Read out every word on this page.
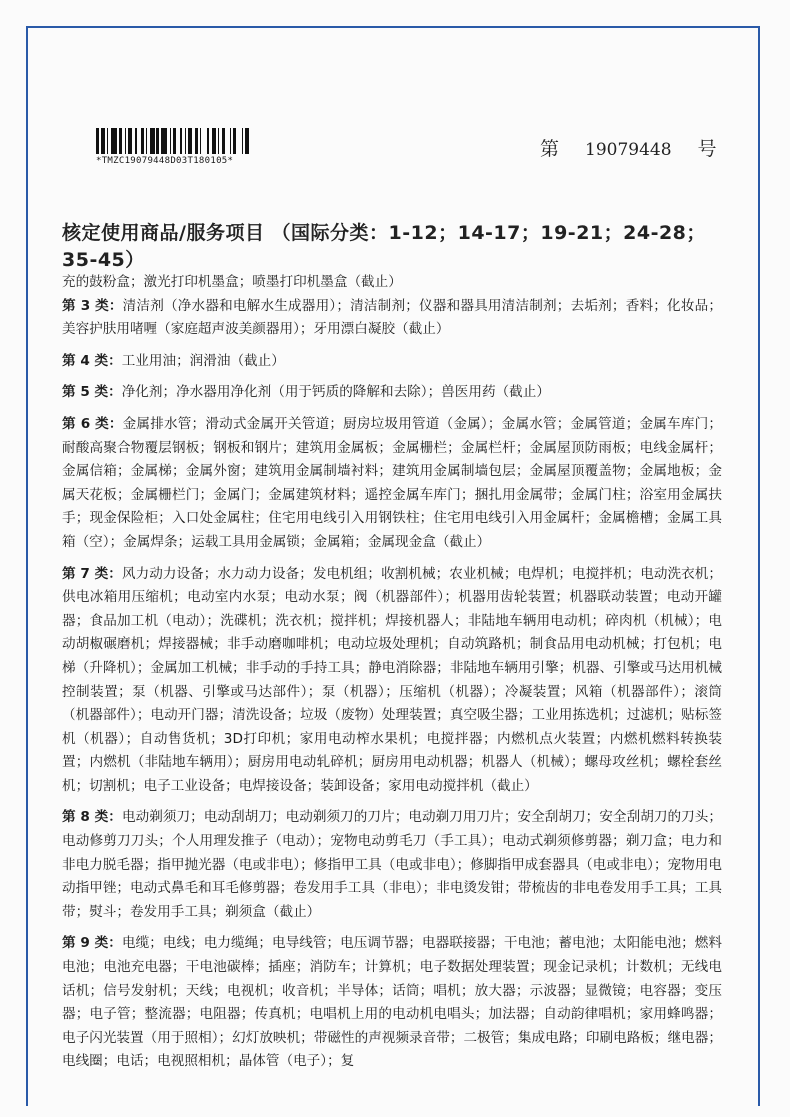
*TMZC19079448D03T180105*
第 19079448 号
核定使用商品/服务项目 （国际分类：1-12；14-17；19-21；24-28；35-45）

充的鼓粉盒；激光打印机墨盒；喷墨打印机墨盒（截止）

第 3 类：清洁剂（净水器和电解水生成器用）；清洁制剂；仪器和器具用清洁制剂；去垢剂；香料；化妆品；美容护肤用啫喱（家庭超声波美颜器用）；牙用漂白凝胶（截止）

第 4 类：工业用油；润滑油（截止）

第 5 类：净化剂；净水器用净化剂（用于钙质的降解和去除）；兽医用药（截止）

第 6 类：金属排水管；滑动式金属开关管道；厨房垃圾用管道（金属）；金属水管；金属管道；金属车库门；耐酸高聚合物覆层钢板；钢板和钢片；建筑用金属板；金属栅栏；金属栏杆；金属屋顶防雨板；电线金属杆；金属信箱；金属梯；金属外窗；建筑用金属制墙衬料；建筑用金属制墙包层；金属屋顶覆盖物；金属地板；金属天花板；金属栅栏门；金属门；金属建筑材料；遥控金属车库门；捆扎用金属带；金属门柱；浴室用金属扶手；现金保险柜；入口处金属柱；住宅用电线引入用钢铁柱；住宅用电线引入用金属杆；金属檐槽；金属工具箱（空）；金属焊条；运载工具用金属锁；金属箱；金属现金盒（截止）

第 7 类：风力动力设备；水力动力设备；发电机组；收割机械；农业机械；电焊机；电搅拌机；电动洗衣机；供电冰箱用压缩机；电动室内水泵；电动水泵；阀（机器部件）；机器用齿轮装置；机器联动装置；电动开罐器；食品加工机（电动）；洗碟机；洗衣机；搅拌机；焊接机器人；非陆地车辆用电动机；碎肉机（机械）；电动胡椒碾磨机；焊接器械；非手动磨咖啡机；电动垃圾处理机；自动筑路机；制食品用电动机械；打包机；电梯（升降机）；金属加工机械；非手动的手持工具；静电消除器；非陆地车辆用引擎；机器、引擎或马达用机械控制装置；泵（机器、引擎或马达部件）；泵（机器）；压缩机（机器）；冷凝装置；风箱（机器部件）；滚筒（机器部件）；电动开门器；清洗设备；垃圾（废物）处理装置；真空吸尘器；工业用拣选机；过滤机；贴标签机（机器）；自动售货机；3D打印机；家用电动榨水果机；电搅拌器；内燃机点火装置；内燃机燃料转换装置；内燃机（非陆地车辆用）；厨房用电动轧碎机；厨房用电动机器；机器人（机械）；螺母攻丝机；螺栓套丝机；切割机；电子工业设备；电焊接设备；装卸设备；家用电动搅拌机（截止）

第 8 类：电动剃须刀；电动刮胡刀；电动剃须刀的刀片；电动剃刀用刀片；安全刮胡刀；安全刮胡刀的刀头；电动修剪刀刀头；个人用理发推子（电动）；宠物电动剪毛刀（手工具）；电动式剃须修剪器；剃刀盒；电力和非电力脱毛器；指甲抛光器（电或非电）；修指甲工具（电或非电）；修脚指甲成套器具（电或非电）；宠物用电动指甲锉；电动式鼻毛和耳毛修剪器；卷发用手工具（非电）；非电烫发钳；带梳齿的非电卷发用手工具；工具带；熨斗；卷发用手工具；剃须盒（截止）

第 9 类：电缆；电线；电力缆绳；电导线管；电压调节器；电器联接器；干电池；蓄电池；太阳能电池；燃料电池；电池充电器；干电池碳棒；插座；消防车；计算机；电子数据处理装置；现金记录机；计数机；无线电话机；信号发射机；天线；电视机；收音机；半导体；话筒；唱机；放大器；示波器；显微镜；电容器；变压器；电子管；整流器；电阻器；传真机；电唱机上用的电动机电唱头；加法器；自动韵律唱机；家用蜂鸣器；电子闪光装置（用于照相）；幻灯放映机；带磁性的声视频录音带；二极管；集成电路；印刷电路板；继电器；电线圈；电话；电视照相机；晶体管（电子）；复
